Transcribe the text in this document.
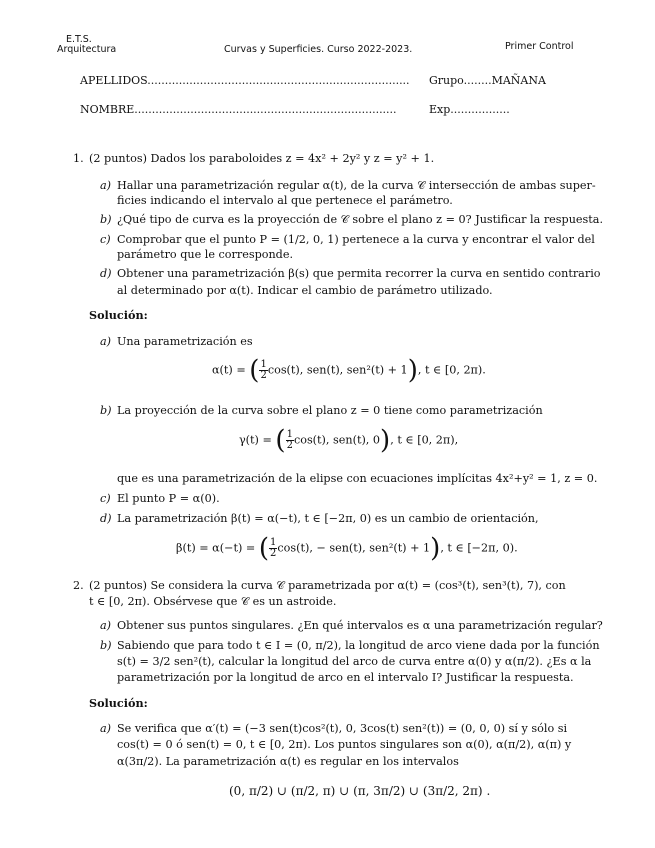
E.T.S.
Arquitectura	Curvas y Superficies. Curso 2022-2023.	Primer Control
APELLIDOS........................................................................... Grupo........MAÑANA
NOMBRE...........................................................................	Exp.................
1. (2 puntos) Dados los paraboloides z = 4x² + 2y² y z = y² + 1.
a) Hallar una parametrización regular α(t), de la curva 𝒞 intersección de ambas super-
ficies indicando el intervalo al que pertenece el parámetro.
b) ¿Qué tipo de curva es la proyección de 𝒞 sobre el plano z = 0? Justificar la respuesta.
c) Comprobar que el punto P = (1/2, 0, 1) pertenece a la curva y encontrar el valor del
parámetro que le corresponde.
d) Obtener una parametrización β(s) que permita recorrer la curva en sentido contrario
al determinado por α(t). Indicar el cambio de parámetro utilizado.
Solución:
a) Una parametrización es
α(t) = ( $\frac{1}{2} \cos(t)$, sen(t), sen²(t) + 1), t ∈ [0, 2π).
b) La proyección de la curva sobre el plano z = 0 tiene como parametrización
γ(t) = ( $\frac{1}{2} \cos(t)$, sen(t), 0), t ∈ [0, 2π),
que es una parametrización de la elipse con ecuaciones implícitas 4x²+y² = 1, z = 0.
c) El punto P = α(0).
d) La parametrización β(t) = α(−t), t ∈ [−2π, 0) es un cambio de orientación,
β(t) = α(−t) = ( $\frac{1}{2} \cos(t)$, − sen(t), sen²(t) + 1), t ∈ [−2π, 0).
2. (2 puntos) Se considera la curva 𝒞 parametrizada por α(t) = (cos³(t), sen³(t), 7), con
t ∈ [0, 2π). Obsérvese que 𝒞 es un astroide.
a) Obtener sus puntos singulares. ¿En qué intervalos es α una parametrización regular?
b) Sabiendo que para todo t ∈ I = (0, π/2), la longitud de arco viene dada por la función
s(t) = 3/2 sen²(t), calcular la longitud del arco de curva entre α(0) y α(π/2). ¿Es α la
parametrización por la longitud de arco en el intervalo I? Justificar la respuesta.
Solución:
a) Se verifica que α′(t) = (−3 sen(t)cos²(t), 0, 3cos(t) sen²(t)) = (0, 0, 0) sí y sólo si
cos(t) = 0 ó sen(t) = 0, t ∈ [0, 2π). Los puntos singulares son α(0), α(π/2), α(π) y
α(3π/2). La parametrización α(t) es regular en los intervalos
(0, π/2) ∪ (π/2, π) ∪ (π, 3π/2) ∪ (3π/2, 2π) .
